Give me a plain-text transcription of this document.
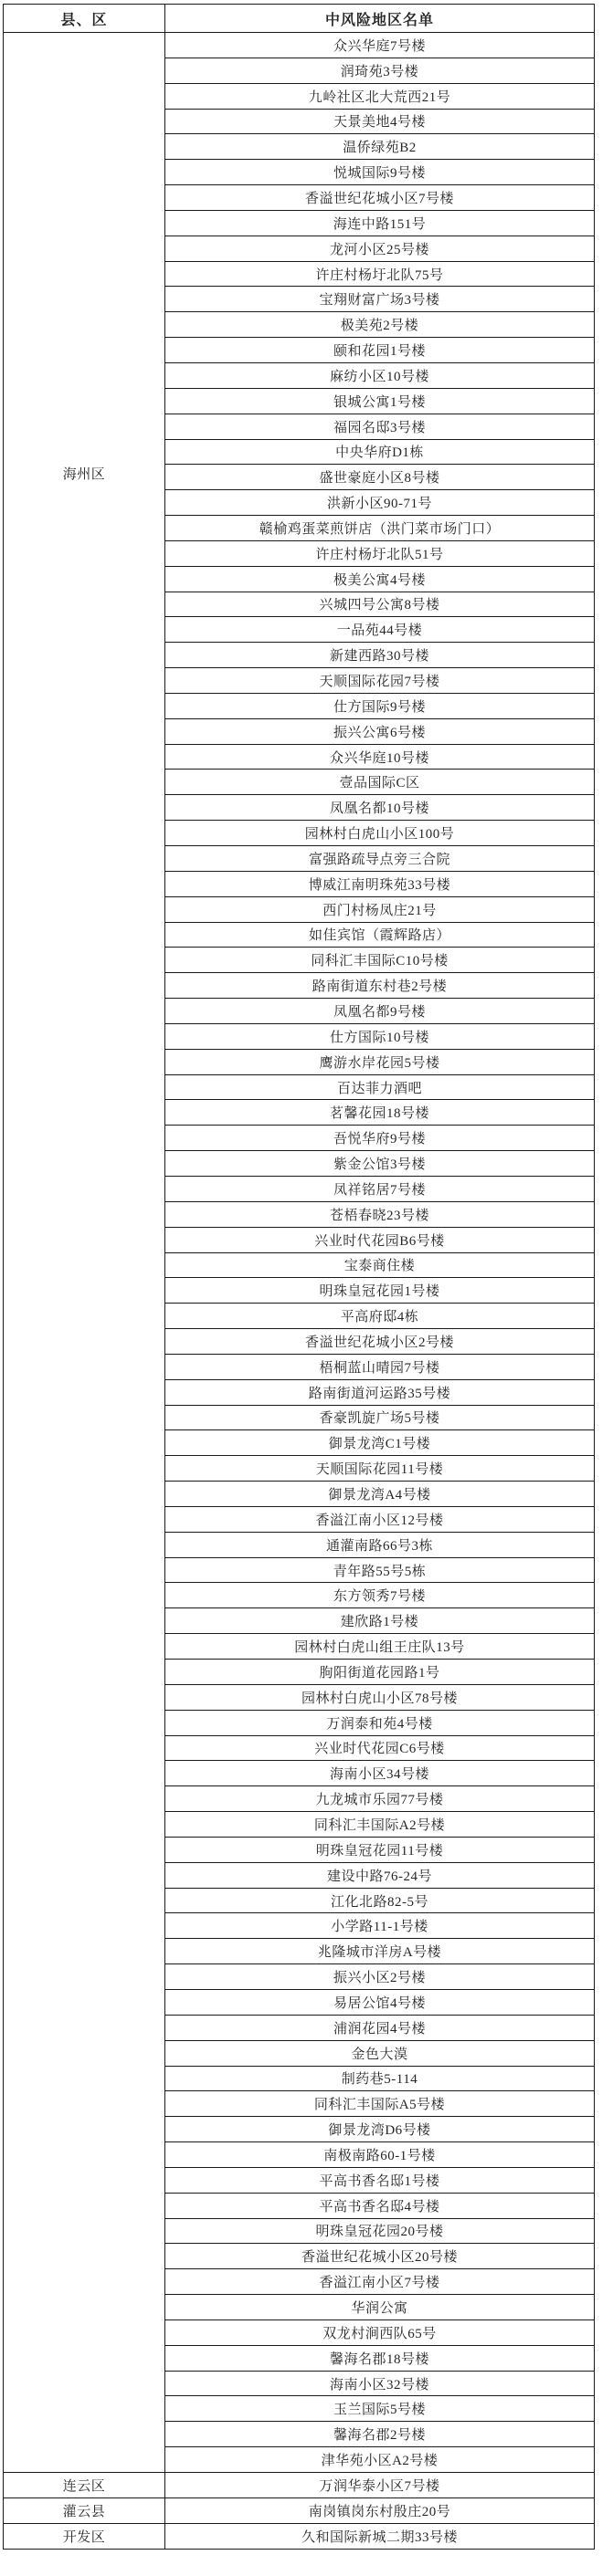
县、区	中风险地区名单

海州区	众兴华庭7号楼
	润琦苑3号楼
	九岭社区北大荒西21号
	天景美地4号楼
	温侨绿苑B2
	悦城国际9号楼
	香溢世纪花城小区7号楼
	海连中路151号
	龙河小区25号楼
	许庄村杨圩北队75号
	宝翔财富广场3号楼
	极美苑2号楼
	颐和花园1号楼
	麻纺小区10号楼
	银城公寓1号楼
	福园名邸3号楼
	中央华府D1栋
	盛世豪庭小区8号楼
	洪新小区90-71号
	赣榆鸡蛋菜煎饼店（洪门菜市场门口）
	许庄村杨圩北队51号
	极美公寓4号楼
	兴城四号公寓8号楼
	一品苑44号楼
	新建西路30号楼
	天顺国际花园7号楼
	仕方国际9号楼
	振兴公寓6号楼
	众兴华庭10号楼
	壹品国际C区
	凤凰名都10号楼
	园林村白虎山小区100号
	富强路疏导点旁三合院
	博威江南明珠苑33号楼
	西门村杨凤庄21号
	如佳宾馆（霞辉路店）
	同科汇丰国际C10号楼
	路南街道东村巷2号楼
	凤凰名都9号楼
	仕方国际10号楼
	鹰游水岸花园5号楼
	百达菲力酒吧
	茗馨花园18号楼
	吾悦华府9号楼
	紫金公馆3号楼
	凤祥铭居7号楼
	苍梧春晓23号楼
	兴业时代花园B6号楼
	宝泰商住楼
	明珠皇冠花园1号楼
	平高府邸4栋
	香溢世纪花城小区2号楼
	梧桐蓝山晴园7号楼
	路南街道河运路35号楼
	香豪凯旋广场5号楼
	御景龙湾C1号楼
	天顺国际花园11号楼
	御景龙湾A4号楼
	香溢江南小区12号楼
	通灌南路66号3栋
	青年路55号5栋
	东方领秀7号楼
	建欣路1号楼
	园林村白虎山组王庄队13号
	朐阳街道花园路1号
	园林村白虎山小区78号楼
	万润泰和苑4号楼
	兴业时代花园C6号楼
	海南小区34号楼
	九龙城市乐园77号楼
	同科汇丰国际A2号楼
	明珠皇冠花园11号楼
	建设中路76-24号
	江化北路82-5号
	小学路11-1号楼
	兆隆城市洋房A号楼
	振兴小区2号楼
	易居公馆4号楼
	浦润花园4号楼
	金色大漠
	制药巷5-114
	同科汇丰国际A5号楼
	御景龙湾D6号楼
	南极南路60-1号楼
	平高书香名邸1号楼
	平高书香名邸4号楼
	明珠皇冠花园20号楼
	香溢世纪花城小区20号楼
	香溢江南小区7号楼
	华润公寓
	双龙村涧西队65号
	馨海名郡18号楼
	海南小区32号楼
	玉兰国际5号楼
	馨海名郡2号楼
	津华苑小区A2号楼

连云区	万润华泰小区7号楼

灌云县	南岗镇岗东村殷庄20号

开发区	久和国际新城二期33号楼
